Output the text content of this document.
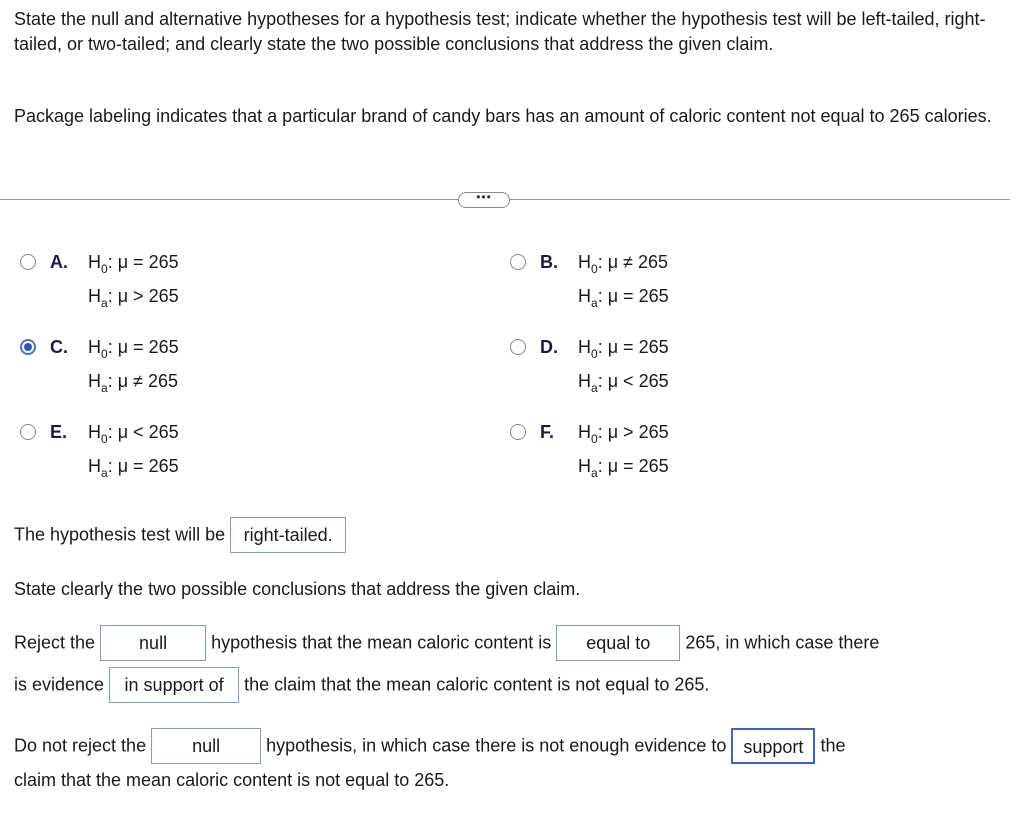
State the null and alternative hypotheses for a hypothesis test; indicate whether the hypothesis test will be left-tailed, right-tailed, or two-tailed; and clearly state the two possible conclusions that address the given claim.
Package labeling indicates that a particular brand of candy bars has an amount of caloric content not equal to 265 calories.
•••
A. $H_0$: μ = 265
$H_a$: μ > 265
B. $H_0$: μ ≠ 265
$H_a$: μ = 265
C. $H_0$: μ = 265
$H_a$: μ ≠ 265
D. $H_0$: μ = 265
$H_a$: μ < 265
E. $H_0$: μ < 265
$H_a$: μ = 265
F. $H_0$: μ > 265
$H_a$: μ = 265
The hypothesis test will be right-tailed.
State clearly the two possible conclusions that address the given claim.
Reject the null hypothesis that the mean caloric content is equal to 265, in which case there
is evidence in support of the claim that the mean caloric content is not equal to 265.
Do not reject the	null	hypothesis, in which case there is not enough evidence to support the
claim that the mean caloric content is not equal to 265.
